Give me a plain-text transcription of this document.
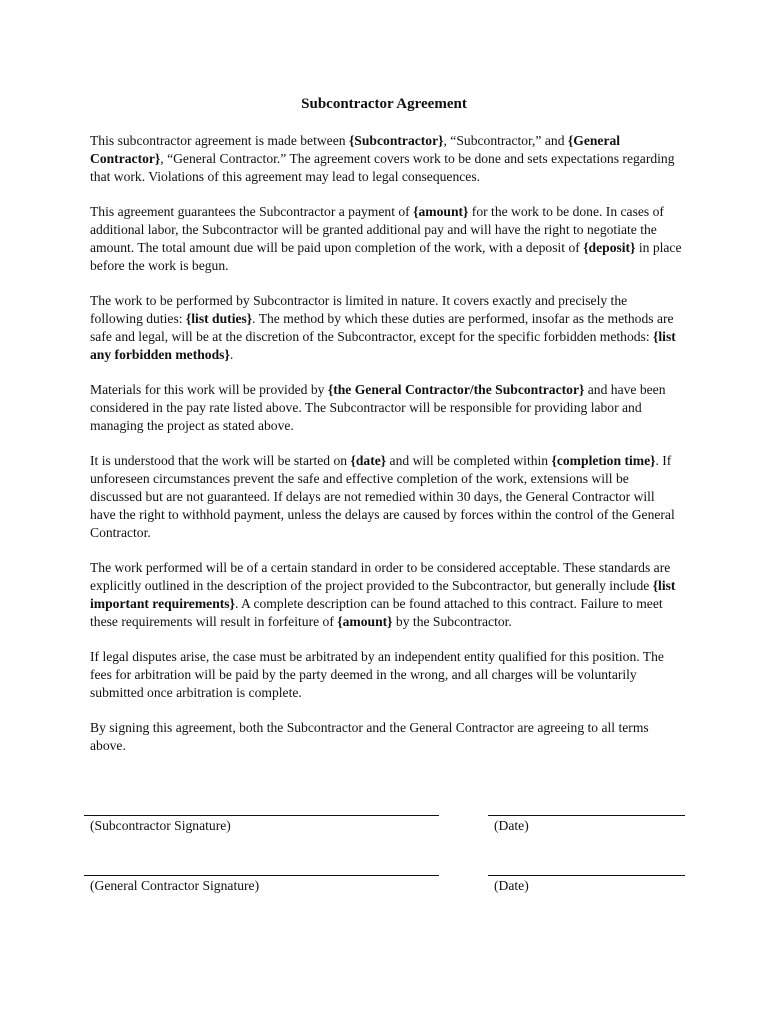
Subcontractor Agreement

This subcontractor agreement is made between {Subcontractor}, “Subcontractor,” and {General Contractor}, “General Contractor.” The agreement covers work to be done and sets expectations regarding that work. Violations of this agreement may lead to legal consequences.

This agreement guarantees the Subcontractor a payment of {amount} for the work to be done. In cases of additional labor, the Subcontractor will be granted additional pay and will have the right to negotiate the amount. The total amount due will be paid upon completion of the work, with a deposit of {deposit} in place before the work is begun.

The work to be performed by Subcontractor is limited in nature. It covers exactly and precisely the following duties: {list duties}. The method by which these duties are performed, insofar as the methods are safe and legal, will be at the discretion of the Subcontractor, except for the specific forbidden methods: {list any forbidden methods}.

Materials for this work will be provided by {the General Contractor/the Subcontractor} and have been considered in the pay rate listed above. The Subcontractor will be responsible for providing labor and managing the project as stated above.

It is understood that the work will be started on {date} and will be completed within {completion time}. If unforeseen circumstances prevent the safe and effective completion of the work, extensions will be discussed but are not guaranteed. If delays are not remedied within 30 days, the General Contractor will have the right to withhold payment, unless the delays are caused by forces within the control of the General Contractor.

The work performed will be of a certain standard in order to be considered acceptable. These standards are explicitly outlined in the description of the project provided to the Subcontractor, but generally include {list important requirements}. A complete description can be found attached to this contract. Failure to meet these requirements will result in forfeiture of {amount} by the Subcontractor.

If legal disputes arise, the case must be arbitrated by an independent entity qualified for this position. The fees for arbitration will be paid by the party deemed in the wrong, and all charges will be voluntarily submitted once arbitration is complete.

By signing this agreement, both the Subcontractor and the General Contractor are agreeing to all terms above.

(Subcontractor Signature)	(Date)
(General Contractor Signature)	(Date)
